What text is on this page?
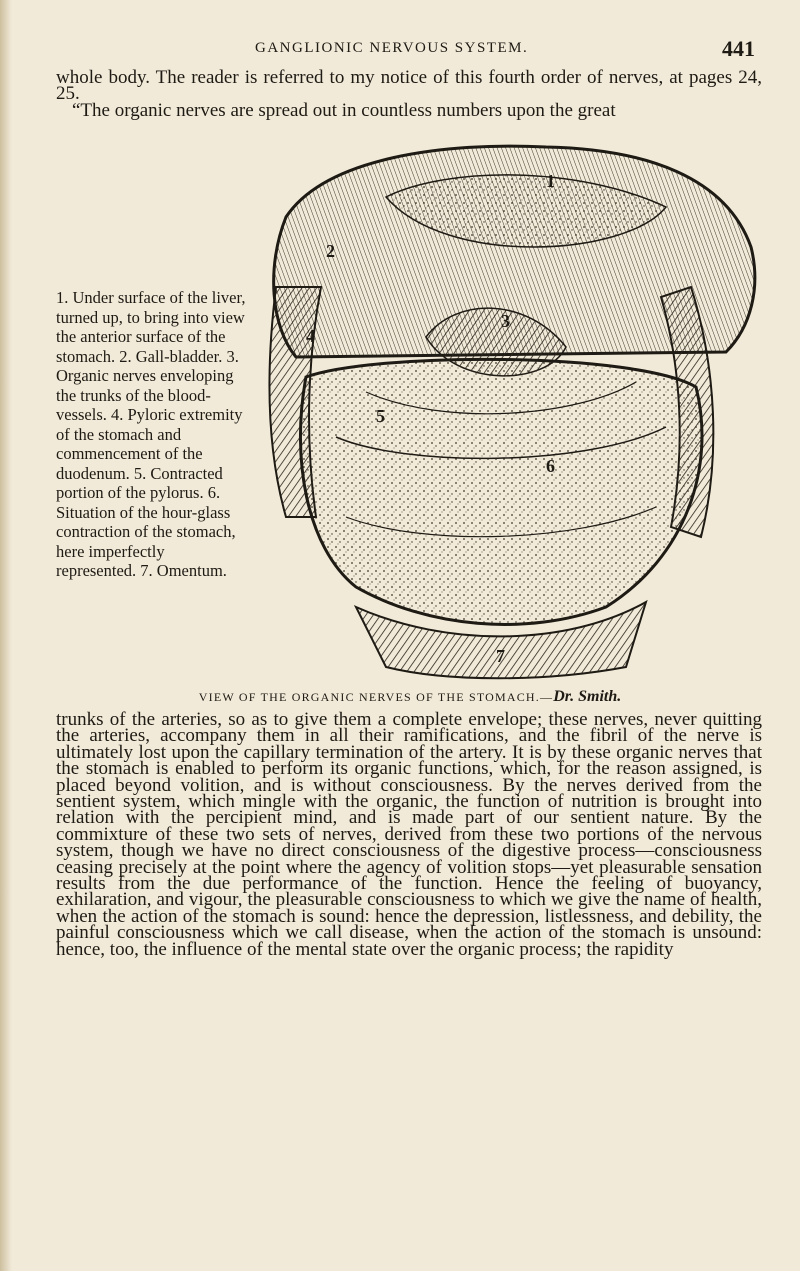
GANGLIONIC NERVOUS SYSTEM.	441
whole body. The reader is referred to my notice of this fourth order of nerves, at pages 24, 25.
“The organic nerves are spread out in countless numbers upon the great

1. Under surface of the liver, turned up, to bring into view the anterior surface of the stomach. 2. Gall-bladder. 3. Organic nerves enveloping the trunks of the blood-vessels. 4. Pyloric extremity of the stomach and commencement of the duodenum. 5. Contracted portion of the pylorus. 6. Situation of the hour-glass contraction of the stomach, here imperfectly represented. 7. Omentum.

1
2
3
4
5
6
7
VIEW OF THE ORGANIC NERVES OF THE STOMACH.—Dr. Smith.

trunks of the arteries, so as to give them a complete envelope; these nerves, never quitting the arteries, accompany them in all their ramifications, and the fibril of the nerve is ultimately lost upon the capillary termination of the artery. It is by these organic nerves that the stomach is enabled to perform its organic functions, which, for the reason assigned, is placed beyond volition, and is without consciousness. By the nerves derived from the sentient system, which mingle with the organic, the function of nutrition is brought into relation with the percipient mind, and is made part of our sentient nature. By the commixture of these two sets of nerves, derived from these two portions of the nervous system, though we have no direct consciousness of the digestive process—consciousness ceasing precisely at the point where the agency of volition stops—yet pleasurable sensation results from the due performance of the function. Hence the feeling of buoyancy, exhilaration, and vigour, the pleasurable consciousness to which we give the name of health, when the action of the stomach is sound: hence the depression, listlessness, and debility, the painful consciousness which we call disease, when the action of the stomach is unsound: hence, too, the influence of the mental state over the organic process; the rapidity
